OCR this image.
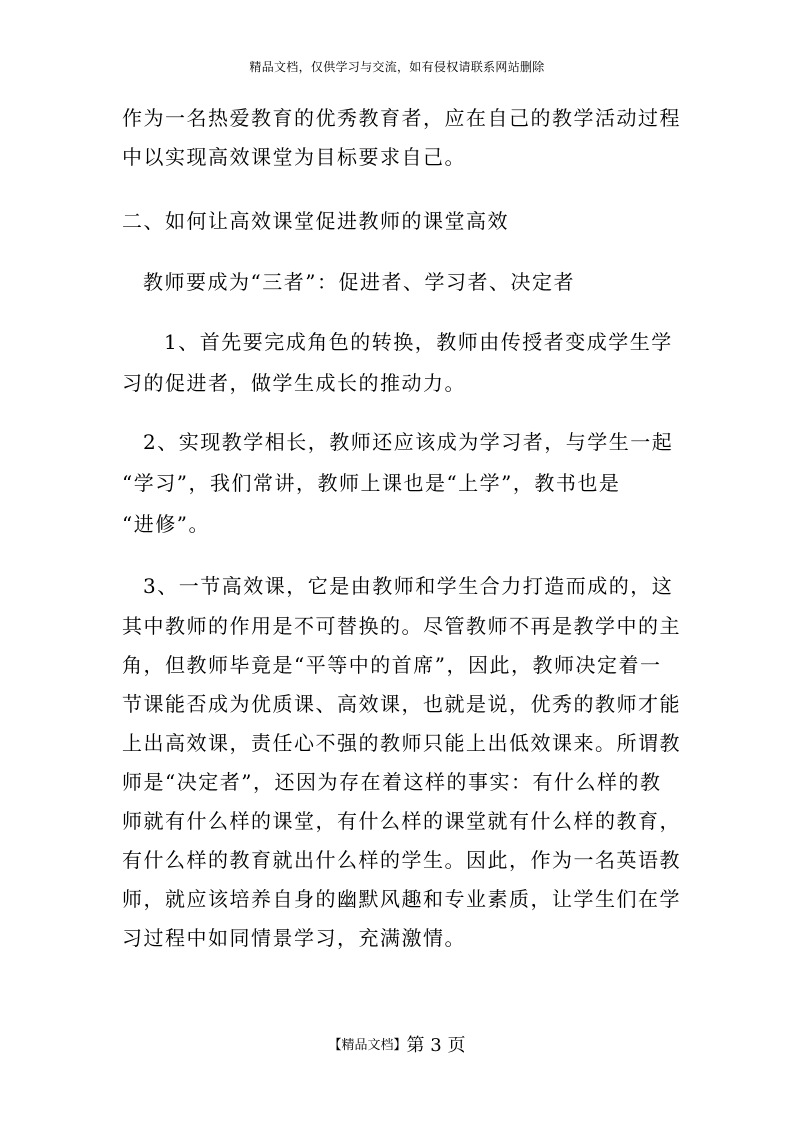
精品文档，仅供学习与交流，如有侵权请联系网站删除
作为一名热爱教育的优秀教育者，应在自己的教学活动过程
中以实现高效课堂为目标要求自己。
二、如何让高效课堂促进教师的课堂高效
教师要成为“三者”：促进者、学习者、决定者
1、首先要完成角色的转换，教师由传授者变成学生学
习的促进者，做学生成长的推动力。
2、实现教学相长，教师还应该成为学习者，与学生一起
“学习”，我们常讲，教师上课也是“上学”，教书也是
“进修”。
3、一节高效课，它是由教师和学生合力打造而成的，这
其中教师的作用是不可替换的。尽管教师不再是教学中的主
角，但教师毕竟是“平等中的首席”，因此，教师决定着一
节课能否成为优质课、高效课，也就是说，优秀的教师才能
上出高效课，责任心不强的教师只能上出低效课来。所谓教
师是“决定者”，还因为存在着这样的事实：有什么样的教
师就有什么样的课堂，有什么样的课堂就有什么样的教育，
有什么样的教育就出什么样的学生。因此，作为一名英语教
师，就应该培养自身的幽默风趣和专业素质，让学生们在学
习过程中如同情景学习，充满激情。
【精品文档】第 3 页
